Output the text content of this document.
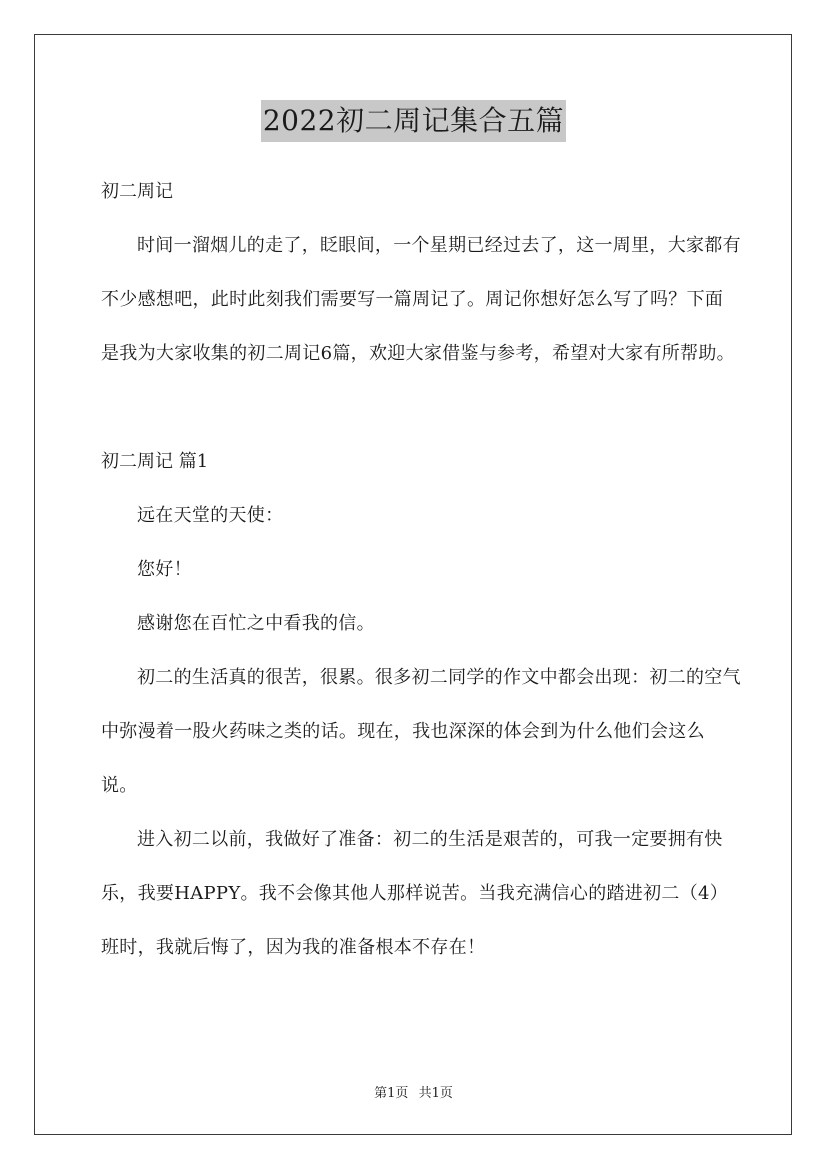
2022初二周记集合五篇

初二周记

时间一溜烟儿的走了，眨眼间，一个星期已经过去了，这一周里，大家都有不少感想吧，此时此刻我们需要写一篇周记了。周记你想好怎么写了吗？下面是我为大家收集的初二周记6篇，欢迎大家借鉴与参考，希望对大家有所帮助。

初二周记 篇1

远在天堂的天使：

您好！

感谢您在百忙之中看我的信。

初二的生活真的很苦，很累。很多初二同学的作文中都会出现：初二的空气中弥漫着一股火药味之类的话。现在，我也深深的体会到为什么他们会这么说。

进入初二以前，我做好了准备：初二的生活是艰苦的，可我一定要拥有快乐，我要HAPPY。我不会像其他人那样说苦。当我充满信心的踏进初二（4）班时，我就后悔了，因为我的准备根本不存在！

第1页 共1页
